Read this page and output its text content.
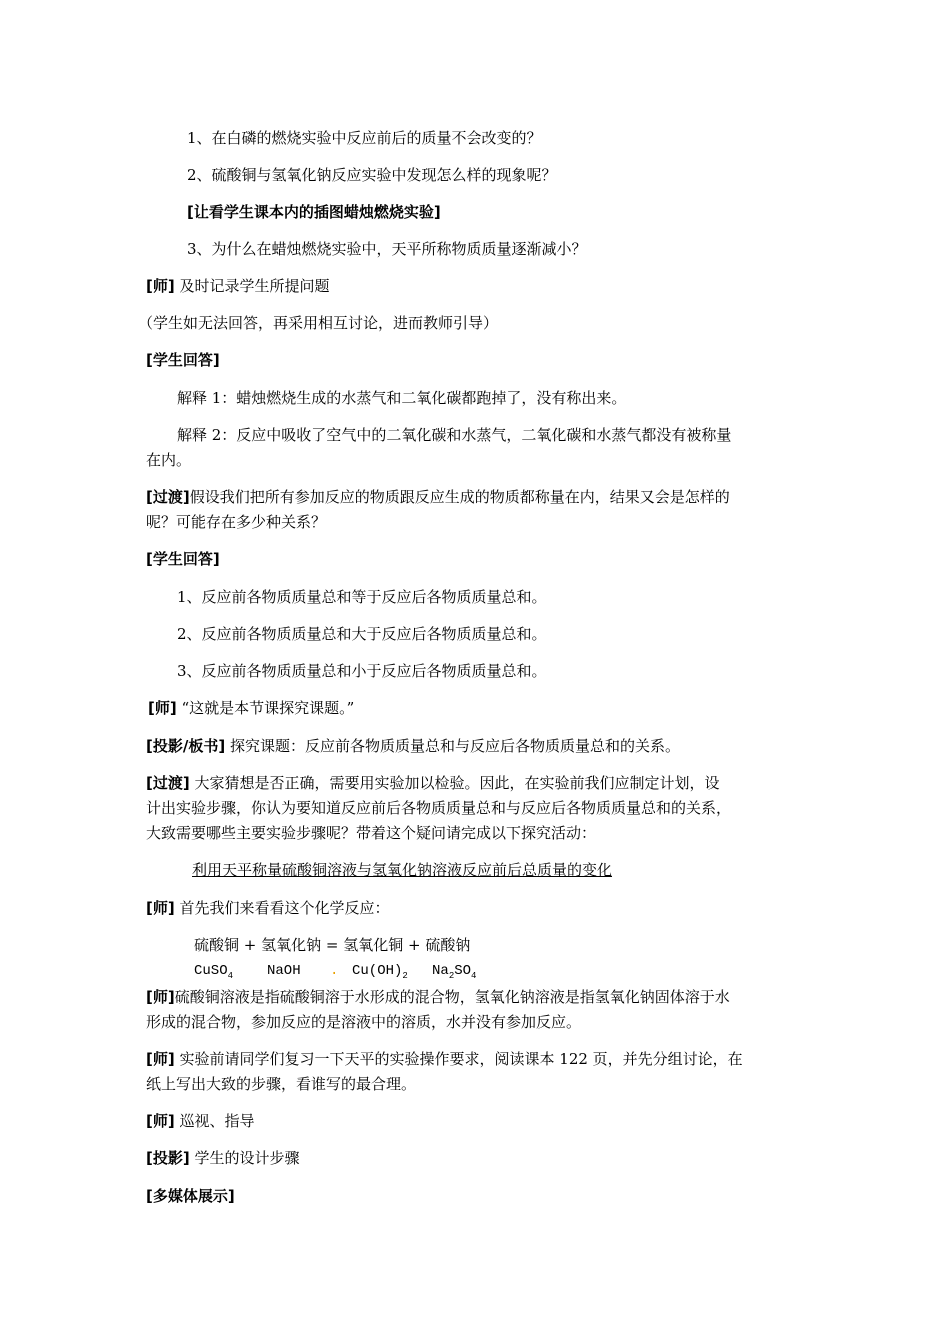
1、在白磷的燃烧实验中反应前后的质量不会改变的？
2、硫酸铜与氢氧化钠反应实验中发现怎么样的现象呢？
[让看学生课本内的插图蜡烛燃烧实验]
3、为什么在蜡烛燃烧实验中，天平所称物质质量逐渐减小？
[师] 及时记录学生所提问题
（学生如无法回答，再采用相互讨论，进而教师引导）
[学生回答]
解释 1：蜡烛燃烧生成的水蒸气和二氧化碳都跑掉了，没有称出来。
解释 2：反应中吸收了空气中的二氧化碳和水蒸气，二氧化碳和水蒸气都没有被称量
在内。
[过渡]假设我们把所有参加反应的物质跟反应生成的物质都称量在内，结果又会是怎样的
呢？可能存在多少种关系？
[学生回答]
1、反应前各物质质量总和等于反应后各物质质量总和。
2、反应前各物质质量总和大于反应后各物质质量总和。
3、反应前各物质质量总和小于反应后各物质质量总和。
[师] “这就是本节课探究课题。”
[投影/板书] 探究课题：反应前各物质质量总和与反应后各物质质量总和的关系。
[过渡] 大家猜想是否正确，需要用实验加以检验。因此，在实验前我们应制定计划，设
计出实验步骤，你认为要知道反应前后各物质质量总和与反应后各物质质量总和的关系，
大致需要哪些主要实验步骤呢？带着这个疑问请完成以下探究活动：
利用天平称量硫酸铜溶液与氢氧化钠溶液反应前后总质量的变化
[师] 首先我们来看看这个化学反应：
硫酸铜 + 氢氧化钠 = 氢氧化铜 + 硫酸钠
CuSO$_4$ NaOH . $Cu(OH)_2$ $Na_2SO_4$
[师]硫酸铜溶液是指硫酸铜溶于水形成的混合物，氢氧化钠溶液是指氢氧化钠固体溶于水
形成的混合物，参加反应的是溶液中的溶质，水并没有参加反应。
[师] 实验前请同学们复习一下天平的实验操作要求，阅读课本 122 页，并先分组讨论，在
纸上写出大致的步骤，看谁写的最合理。
[师] 巡视、指导
[投影] 学生的设计步骤
[多媒体展示]
